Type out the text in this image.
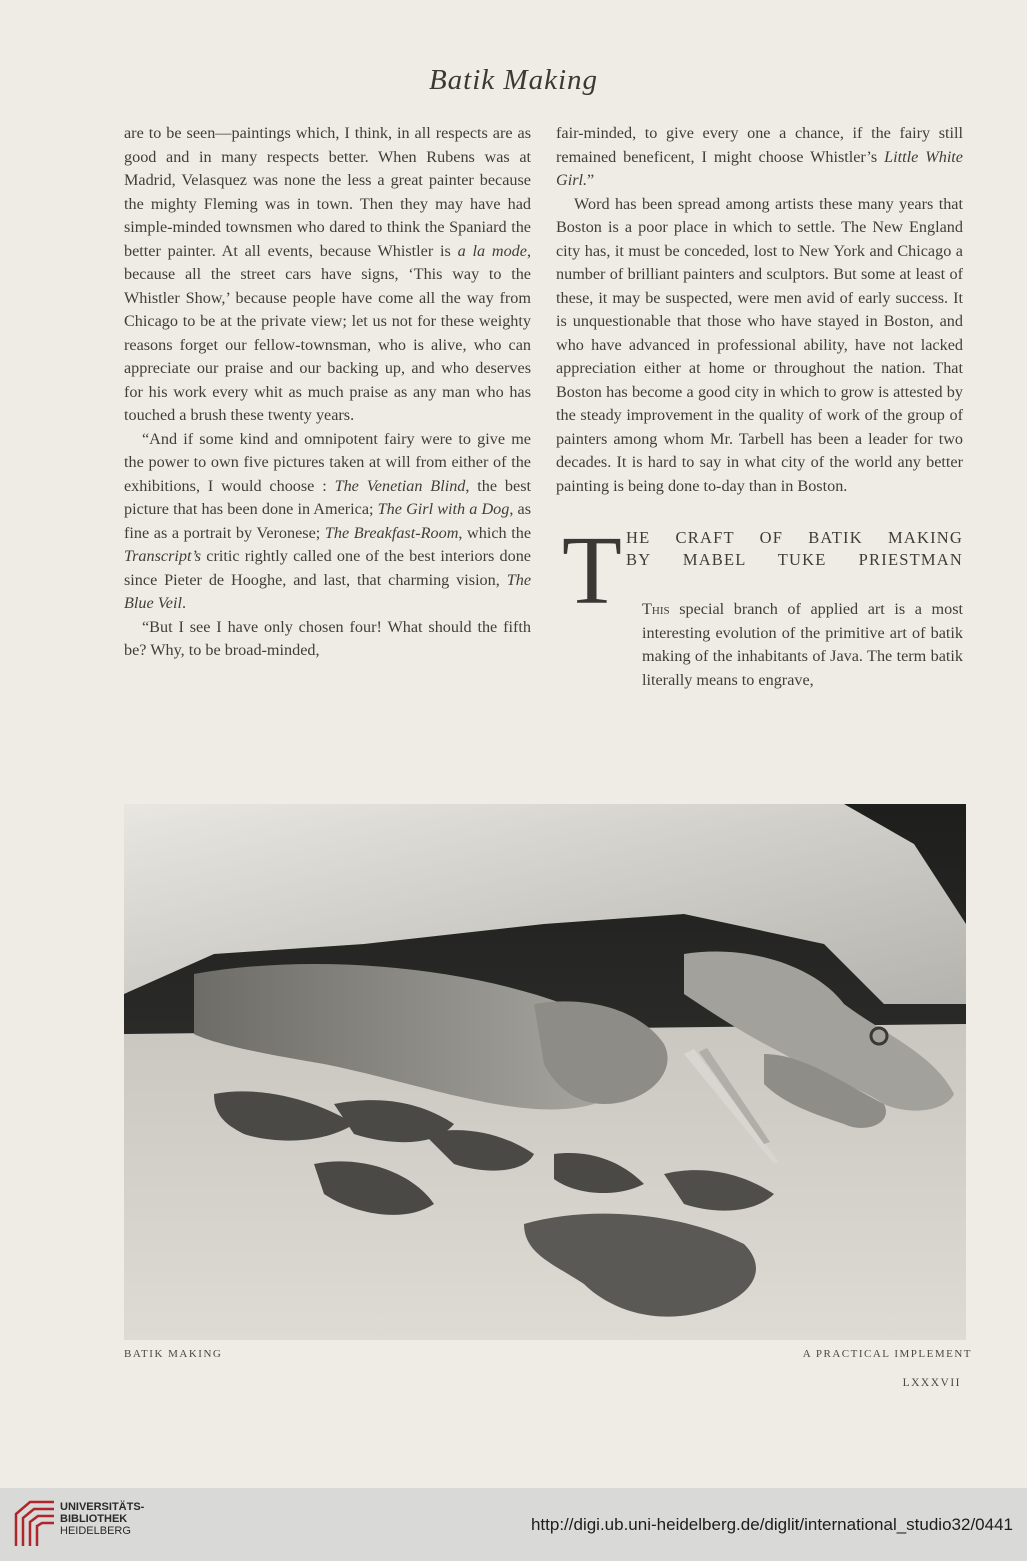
Batik Making

are to be seen—paintings which, I think, in all respects are as good and in many respects better. When Rubens was at Madrid, Velasquez was none the less a great painter because the mighty Fleming was in town. Then they may have had simple-minded townsmen who dared to think the Spaniard the better painter. At all events, because Whistler is a la mode, because all the street cars have signs, ‘This way to the Whistler Show,’ because people have come all the way from Chicago to be at the private view; let us not for these weighty reasons forget our fellow-townsman, who is alive, who can appreciate our praise and our backing up, and who deserves for his work every whit as much praise as any man who has touched a brush these twenty years.

“And if some kind and omnipotent fairy were to give me the power to own five pictures taken at will from either of the exhibitions, I would choose : The Venetian Blind, the best picture that has been done in America; The Girl with a Dog, as fine as a portrait by Veronese; The Breakfast-Room, which the Transcript’s critic rightly called one of the best interiors done since Pieter de Hooghe, and last, that charming vision, The Blue Veil.

“But I see I have only chosen four! What should the fifth be? Why, to be broad-minded,

fair-minded, to give every one a chance, if the fairy still remained beneficent, I might choose Whistler’s Little White Girl.”

Word has been spread among artists these many years that Boston is a poor place in which to settle. The New England city has, it must be conceded, lost to New York and Chicago a number of brilliant painters and sculptors. But some at least of these, it may be suspected, were men avid of early success. It is unquestionable that those who have stayed in Boston, and who have advanced in professional ability, have not lacked appreciation either at home or throughout the nation. That Boston has become a good city in which to grow is attested by the steady improvement in the quality of work of the group of painters among whom Mr. Tarbell has been a leader for two decades. It is hard to say in what city of the world any better painting is being done to-day than in Boston.

T HE CRAFT OF BATIK MAKING
BY MABEL TUKE PRIESTMAN

This special branch of applied art is a most interesting evolution of the primitive art of batik making of the inhabitants of Java. The term batik literally means to engrave,

BATIK MAKING	A PRACTICAL IMPLEMENT
LXXXVII
UNIVERSITÄTS-
BIBLIOTHEK
HEIDELBERG	http://digi.ub.uni-heidelberg.de/diglit/international_studio32/0441
